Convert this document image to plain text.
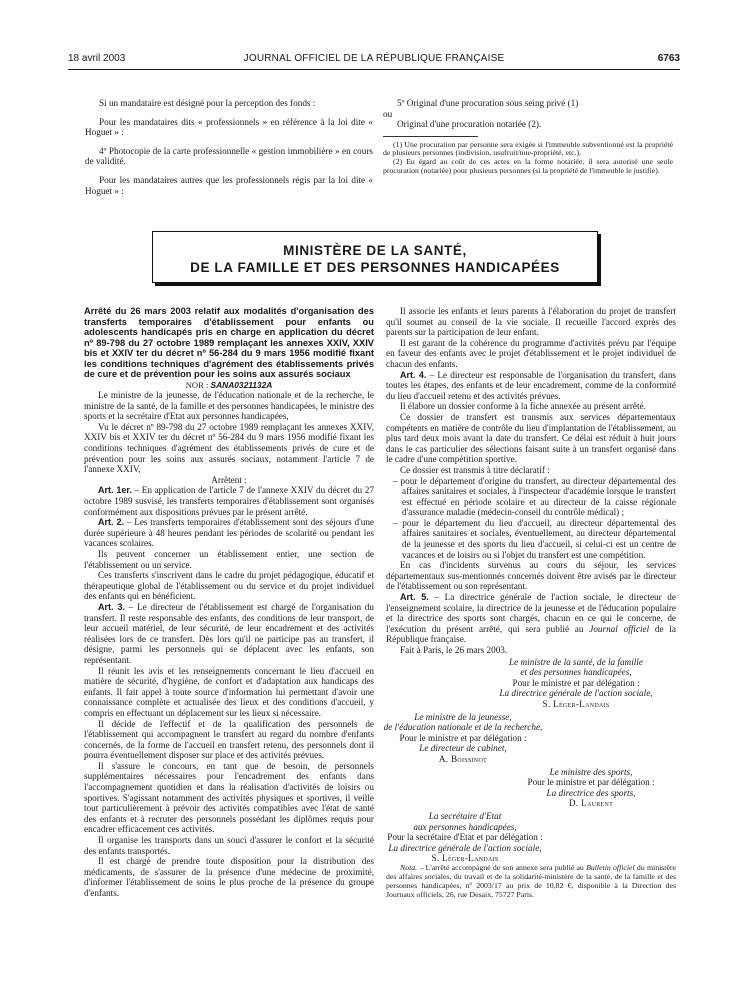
18 avril 2003	JOURNAL OFFICIEL DE LA RÉPUBLIQUE FRANÇAISE	6763

Si un mandataire est désigné pour la perception des fonds :

Pour les mandataires dits « professionnels » en référence à la loi dite « Hoguet » :

4º Photocopie de la carte professionnelle « gestion immobilière » en cours de validité.

Pour les mandataires autres que les professionnels régis par la loi dite « Hoguet » :

5º Original d'une procuration sous seing privé (1)

ou

Original d'une procuration notariée (2).

(1) Une procuration par personne sera exigée si l'immeuble subventionné est la propriété de plusieurs personnes (indivision, usufruit/nue-propriété, etc.).

(2) Eu égard au coût de ces actes en la forme notariée, il sera autorisé une seule procuration (notariée) pour plusieurs personnes (si la propriété de l'immeuble le justifie).

MINISTÈRE DE LA SANTÉ,
DE LA FAMILLE ET DES PERSONNES HANDICAPÉES

Arrêté du 26 mars 2003 relatif aux modalités d'organisation des transferts temporaires d'établissement pour enfants ou adolescents handicapés pris en charge en application du décret nº 89-798 du 27 octobre 1989 remplaçant les annexes XXIV, XXIV bis et XXIV ter du décret nº 56-284 du 9 mars 1956 modifié fixant les conditions techniques d'agrément des établissements privés de cure et de prévention pour les soins aux assurés sociaux

NOR : SANA0321132A

Le ministre de la jeunesse, de l'éducation nationale et de la recherche, le ministre de la santé, de la famille et des personnes handicapées, le ministre des sports et la secrétaire d'Etat aux personnes handicapées,

Vu le décret nº 89-798 du 27 octobre 1989 remplaçant les annexes XXIV, XXIV bis et XXIV ter du décret nº 56-284 du 9 mars 1956 modifié fixant les conditions techniques d'agrément des établissements privés de cure et de prévention pour les soins aux assurés sociaux, notamment l'article 7 de l'annexe XXIV,

Arrêtent :

Art. 1er. – En application de l'article 7 de l'annexe XXIV du décret du 27 octobre 1989 susvisé, les transferts temporaires d'établissement sont organisés conformément aux dispositions prévues par le présent arrêté.

Art. 2. – Les transferts temporaires d'établissement sont des séjours d'une durée supérieure à 48 heures pendant les périodes de scolarité ou pendant les vacances scolaires.

Ils peuvent concerner un établissement entier, une section de l'établissement ou un service.

Ces transferts s'inscrivent dans le cadre du projet pédagogique, éducatif et thérapeutique global de l'établissement ou du service et du projet individuel des enfants qui en bénéficient.

Art. 3. – Le directeur de l'établissement est chargé de l'organisation du transfert. Il reste responsable des enfants, des conditions de leur transport, de leur accueil matériel, de leur sécurité, de leur encadrement et des activités réalisées lors de ce transfert. Dès lors qu'il ne participe pas au transfert, il désigne, parmi les personnels qui se déplacent avec les enfants, son représentant.

Il réunit les avis et les renseignements concernant le lieu d'accueil en matière de sécurité, d'hygiène, de confort et d'adaptation aux handicaps des enfants. Il fait appel à toute source d'information lui permettant d'avoir une connaissance complète et actualisée des lieux et des conditions d'accueil, y compris en effectuant un déplacement sur les lieux si nécessaire.

Il décide de l'effectif et de la qualification des personnels de l'établissement qui accompagnent le transfert au regard du nombre d'enfants concernés, de la forme de l'accueil en transfert retenu, des personnels dont il pourra éventuellement disposer sur place et des activités prévues.

Il s'assure le concours, en tant que de besoin, de personnels supplémentaires nécessaires pour l'encadrement des enfants dans l'accompagnement quotidien et dans la réalisation d'activités de loisirs ou sportives. S'agissant notamment des activités physiques et sportives, il veille tout particulièrement à prévoir des activités compatibles avec l'état de santé des enfants et à recruter des personnels possédant les diplômes requis pour encadrer efficacement ces activités.

Il organise les transports dans un souci d'assurer le confort et la sécurité des enfants transportés.

Il est chargé de prendre toute disposition pour la distribution des médicaments, de s'assurer de la présence d'une médecine de proximité, d'informer l'établissement de soins le plus proche de la présence du groupe d'enfants.

Il associe les enfants et leurs parents à l'élaboration du projet de transfert qu'il soumet au conseil de la vie sociale. Il recueille l'accord exprès des parents sur la participation de leur enfant.

Il est garant de la cohérence du programme d'activités prévu par l'équipe en faveur des enfants avec le projet d'établissement et le projet individuel de chacun des enfants.

Art. 4. – Le directeur est responsable de l'organisation du transfert, dans toutes les étapes, des enfants et de leur encadrement, comme de la conformité du lieu d'accueil retenu et des activités prévues.

Il élabore un dossier conforme à la fiche annexée au présent arrêté.

Ce dossier de transfert est transmis aux services départementaux compétents en matière de contrôle du lieu d'implantation de l'établissement, au plus tard deux mois avant la date du transfert. Ce délai est réduit à huit jours dans le cas particulier des sélections faisant suite à un transfert organisé dans le cadre d'une compétition sportive.

Ce dossier est transmis à titre déclaratif :

– pour le département d'origine du transfert, au directeur départemental des affaires sanitaires et sociales, à l'inspecteur d'académie lorsque le transfert est effectué en période scolaire et au directeur de la caisse régionale d'assurance maladie (médecin-conseil du contrôle médical) ;

– pour le département du lieu d'accueil, au directeur départemental des affaires sanitaires et sociales, éventuellement, au directeur départemental de la jeunesse et des sports du lieu d'accueil, si celui-ci est un centre de vacances et de loisirs ou si l'objet du transfert est une compétition.

En cas d'incidents survenus au cours du séjour, les services départementaux sus-mentionnés concernés doivent être avisés par le directeur de l'établissement ou son représentant.

Art. 5. – La directrice générale de l'action sociale, le directeur de l'enseignement scolaire, la directrice de la jeunesse et de l'éducation populaire et la directrice des sports sont chargés, chacun en ce qui le concerne, de l'exécution du présent arrêté, qui sera publié au Journal officiel de la République française.

Fait à Paris, le 26 mars 2003.

Le ministre de la santé, de la famille

et des personnes handicapées,

Pour le ministre et par délégation :

La directrice générale de l'action sociale,

S. Léger-Landais

Le ministre de la jeunesse,

de l'éducation nationale et de la recherche,

Pour le ministre et par délégation :

Le directeur de cabinet,

A. Boissinot

Le ministre des sports,

Pour le ministre et par délégation :

La directrice des sports,

D. Laurent

La secrétaire d'Etat

aux personnes handicapées,

Pour la secrétaire d'Etat et par délégation :

La directrice générale de l'action sociale,

S. Léger-Landais

Nota. – L'arrêté accompagné de son annexe sera publié au Bulletin officiel du ministère des affaires sociales, du travail et de la solidarité-ministère de la santé, de la famille et des personnes handicapées, nº 2003/17 au prix de 10,82 €, disponible à la Direction des Journaux officiels, 26, rue Desaix, 75727 Paris.
